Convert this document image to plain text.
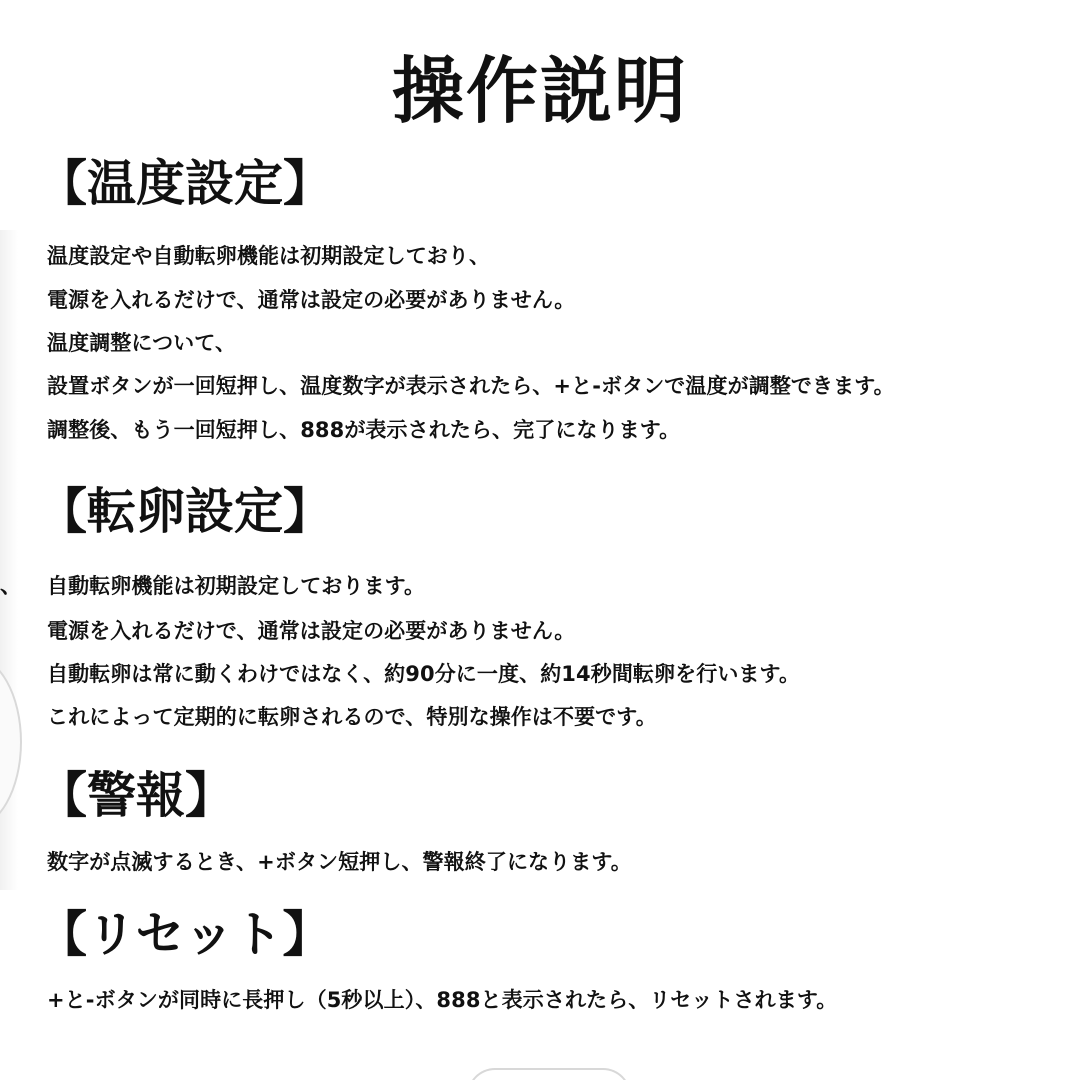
、
操作説明
【温度設定】
温度設定や自動転卵機能は初期設定しており、
電源を入れるだけで、通常は設定の必要がありません。
温度調整について、
設置ボタンが一回短押し、温度数字が表示されたら、+と-ボタンで温度が調整できます。
調整後、もう一回短押し、888が表示されたら、完了になります。
【転卵設定】
自動転卵機能は初期設定しております。
電源を入れるだけで、通常は設定の必要がありません。
自動転卵は常に動くわけではなく、約90分に一度、約14秒間転卵を行います。
これによって定期的に転卵されるので、特別な操作は不要です。
【警報】
数字が点滅するとき、+ボタン短押し、警報終了になります。
【リセット】
+と-ボタンが同時に長押し（5秒以上）、888と表示されたら、リセットされます。
